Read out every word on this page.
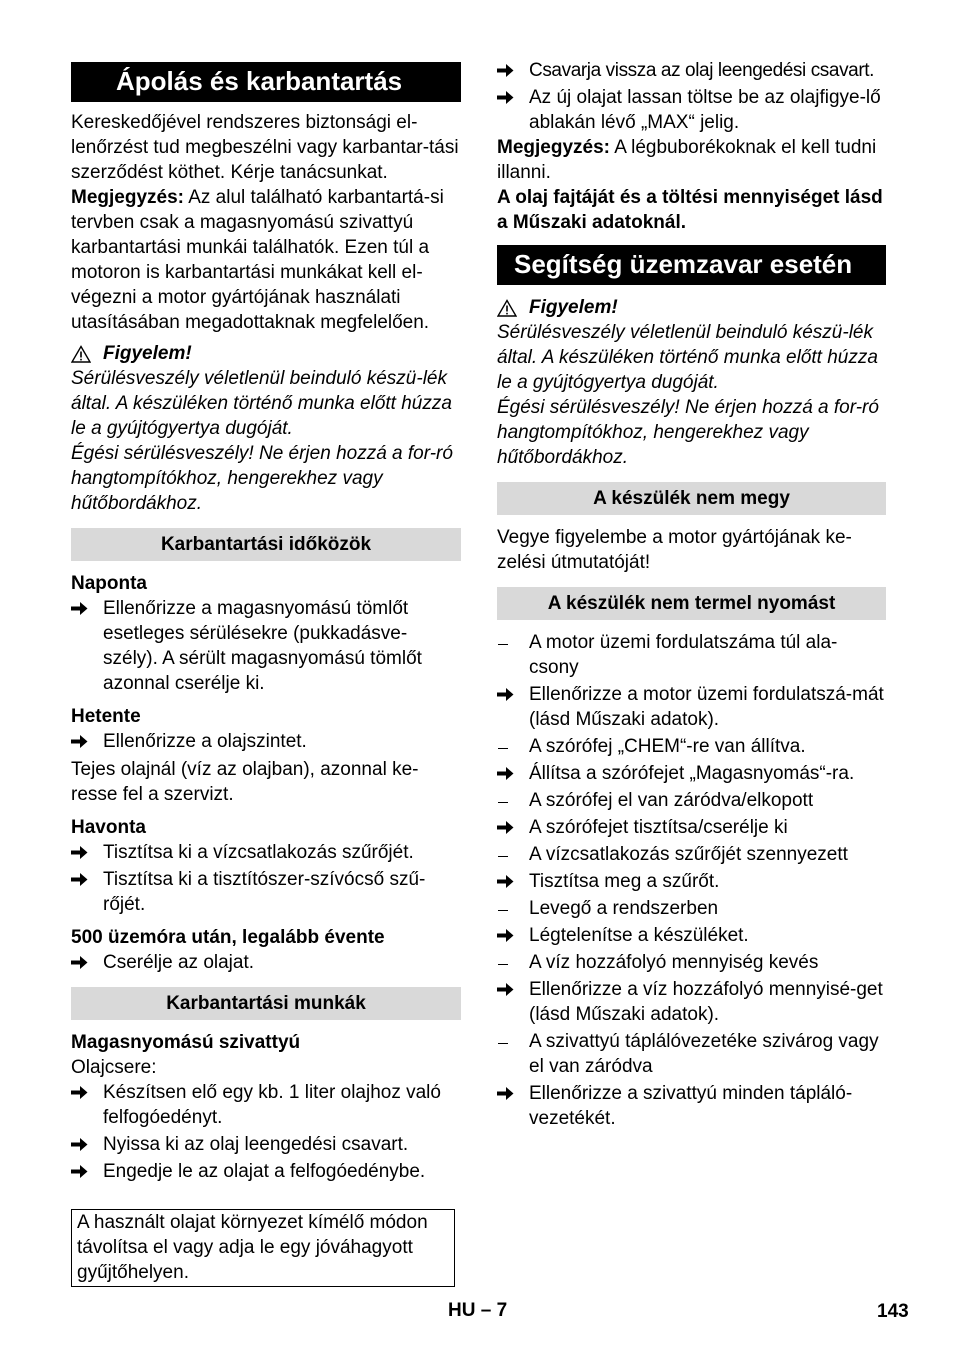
Ápolás és karbantartás

Kereskedőjével rendszeres biztonsági el-lenőrzést tud megbeszélni vagy karbantar-tási szerződést köthet. Kérje tanácsunkat.

Megjegyzés: Az alul található karbantartá-si tervben csak a magasnyomású szivattyú karbantartási munkái találhatók. Ezen túl a motoron is karbantartási munkákat kell el-végezni a motor gyártójának használati utasításában megadottaknak megfelelően.

Figyelem!

Sérülésveszély véletlenül beinduló készü-lék által. A készüléken történő munka előtt húzza le a gyújtógyertya dugóját.

Égési sérülésveszély! Ne érjen hozzá a for-ró hangtompítókhoz, hengerekhez vagy hűtőbordákhoz.

Karbantartási időközök
Naponta
Ellenőrizze a magasnyomású tömlőt esetleges sérülésekre (pukkadásve-szély). A sérült magasnyomású tömlőt azonnal cserélje ki.
Hetente
Ellenőrizze a olajszintet.

Tejes olajnál (víz az olajban), azonnal ke-resse fel a szervizt.

Havonta
Tisztítsa ki a vízcsatlakozás szűrőjét.
Tisztítsa ki a tisztítószer-szívócső szű-rőjét.
500 üzemóra után, legalább évente
Cserélje az olajat.
Karbantartási munkák
Magasnyomású szivattyú

Olajcsere:

Készítsen elő egy kb. 1 liter olajhoz való felfogóedényt.
Nyissa ki az olaj leengedési csavart.
Engedje le az olajat a felfogóedénybe.
A használt olajat környezet kímélő módon távolítsa el vagy adja le egy jóváhagyott gyűjtőhelyen.
Csavarja vissza az olaj leengedési csavart.
Az új olajat lassan töltse be az olajfigye-lő ablakán lévő „MAX“ jelig.

Megjegyzés: A légbuborékoknak el kell tudni illanni.

A olaj fajtáját és a töltési mennyiséget lásd a Műszaki adatoknál.

Segítség üzemzavar esetén
Figyelem!

Sérülésveszély véletlenül beinduló készü-lék által. A készüléken történő munka előtt húzza le a gyújtógyertya dugóját.

Égési sérülésveszély! Ne érjen hozzá a for-ró hangtompítókhoz, hengerekhez vagy hűtőbordákhoz.

A készülék nem megy

Vegye figyelembe a motor gyártójának ke-zelési útmutatóját!

A készülék nem termel nyomást
A motor üzemi fordulatszáma túl ala-csony
Ellenőrizze a motor üzemi fordulatszá-mát (lásd Műszaki adatok).
A szórófej „CHEM“-re van állítva.
Állítsa a szórófejet „Magasnyomás“-ra.
A szórófej el van záródva/elkopott
A szórófejet tisztítsa/cserélje ki
A vízcsatlakozás szűrőjét szennyezett
Tisztítsa meg a szűrőt.
Levegő a rendszerben
Légtelenítse a készüléket.
A víz hozzáfolyó mennyiség kevés
Ellenőrizze a víz hozzáfolyó mennyisé-get (lásd Műszaki adatok).
A szivattyú táplálóvezetéke szivárog vagy el van záródva
Ellenőrizze a szivattyú minden tápláló-vezetékét.
HU – 7	143
